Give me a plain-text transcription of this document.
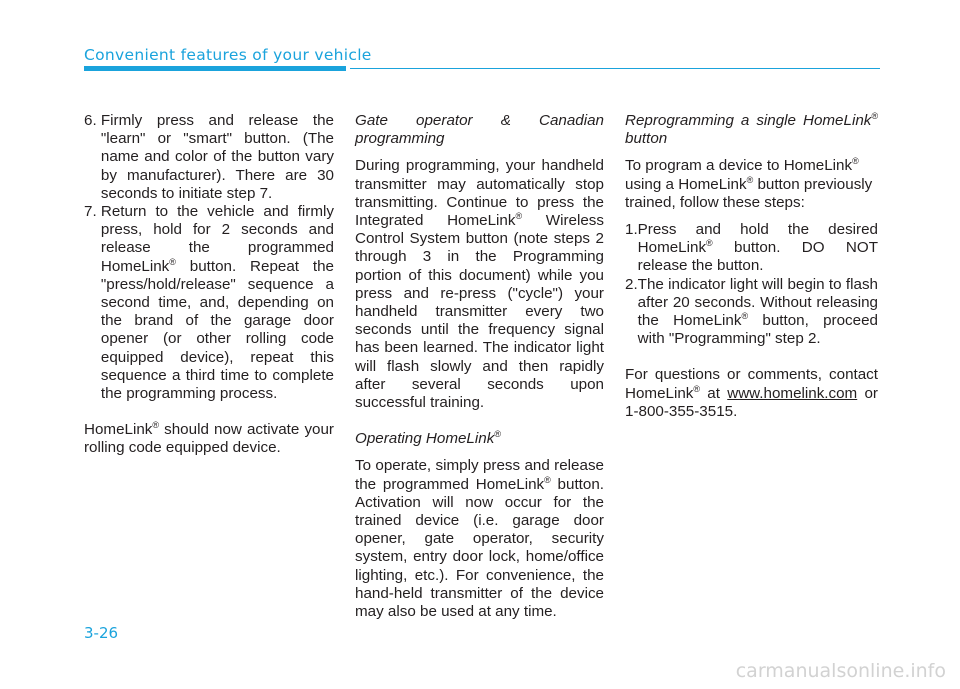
Convenient features of your vehicle
6. Firmly press and release the "learn" or "smart" button. (The name and color of the button vary by manufacturer). There are 30 seconds to initiate step 7.
7. Return to the vehicle and firmly press, hold for 2 seconds and release the programmed HomeLink® button. Repeat the "press/hold/release" sequence a second time, and, depending on the brand of the garage door opener (or other rolling code equipped device), repeat this sequence a third time to complete the programming process.

HomeLink® should now activate your rolling code equipped device.

Gate operator & Canadian programming

During programming, your handheld transmitter may automatically stop transmitting. Continue to press the Integrated HomeLink® Wireless Control System button (note steps 2 through 3 in the Programming portion of this document) while you press and re-press ("cycle") your handheld transmitter every two seconds until the frequency signal has been learned. The indicator light will flash slowly and then rapidly after several seconds upon successful training.

Operating HomeLink®

To operate, simply press and release the programmed HomeLink® button. Activation will now occur for the trained device (i.e. garage door opener, gate operator, security system, entry door lock, home/office lighting, etc.). For convenience, the hand-held transmitter of the device may also be used at any time.

Reprogramming a single HomeLink® button

To program a device to HomeLink® using a HomeLink® button previously trained, follow these steps:

1. Press and hold the desired HomeLink® button. DO NOT release the button.
2. The indicator light will begin to flash after 20 seconds. Without releasing the HomeLink® button, proceed with "Programming" step 2.

For questions or comments, contact HomeLink® at www.homelink.com or 1-800-355-3515.

3-26
carmanualsonline.info
